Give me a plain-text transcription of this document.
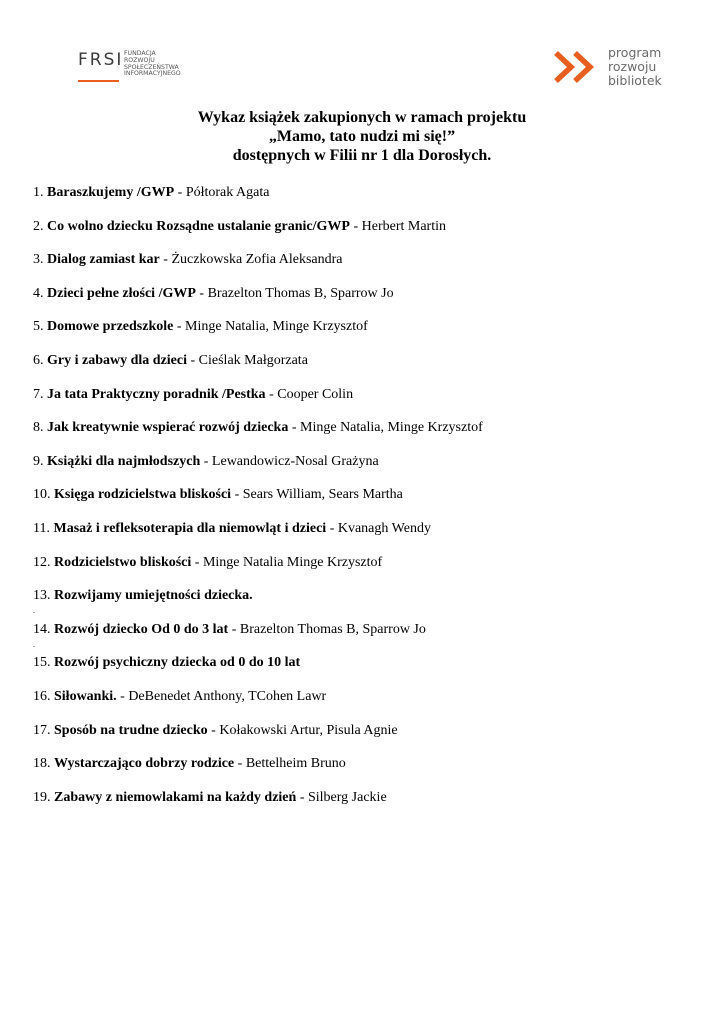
FRSI FUNDACJA
ROZWOJU
SPOŁECZEŃSTWA
INFORMACYJNEGO
program
rozwoju
bibliotek
Wykaz książek zakupionych w ramach projektu
„Mamo, tato nudzi mi się!”
dostępnych w Filii nr 1 dla Dorosłych.
1. Baraszkujemy /GWP - Półtorak Agata
2. Co wolno dziecku Rozsądne ustalanie granic/GWP - Herbert Martin
3. Dialog zamiast kar - Żuczkowska Zofia Aleksandra
4. Dzieci pełne złości /GWP - Brazelton Thomas B, Sparrow Jo
5. Domowe przedszkole - Minge Natalia, Minge Krzysztof
6. Gry i zabawy dla dzieci - Cieślak Małgorzata
7. Ja tata Praktyczny poradnik /Pestka - Cooper Colin
8. Jak kreatywnie wspierać rozwój dziecka - Minge Natalia, Minge Krzysztof
9. Książki dla najmłodszych - Lewandowicz-Nosal Grażyna
10. Księga rodzicielstwa bliskości - Sears William, Sears Martha
11. Masaż i refleksoterapia dla niemowląt i dzieci - Kvanagh Wendy
12. Rodzicielstwo bliskości - Minge Natalia Minge Krzysztof
13. Rozwijamy umiejętności dziecka.
.
14. Rozwój dziecko Od 0 do 3 lat - Brazelton Thomas B, Sparrow Jo
.
15. Rozwój psychiczny dziecka od 0 do 10 lat
16. Siłowanki. - DeBenedet Anthony, TCohen Lawr
17. Sposób na trudne dziecko - Kołakowski Artur, Pisula Agnie
18. Wystarczająco dobrzy rodzice - Bettelheim Bruno
19. Zabawy z niemowlakami na każdy dzień - Silberg Jackie
